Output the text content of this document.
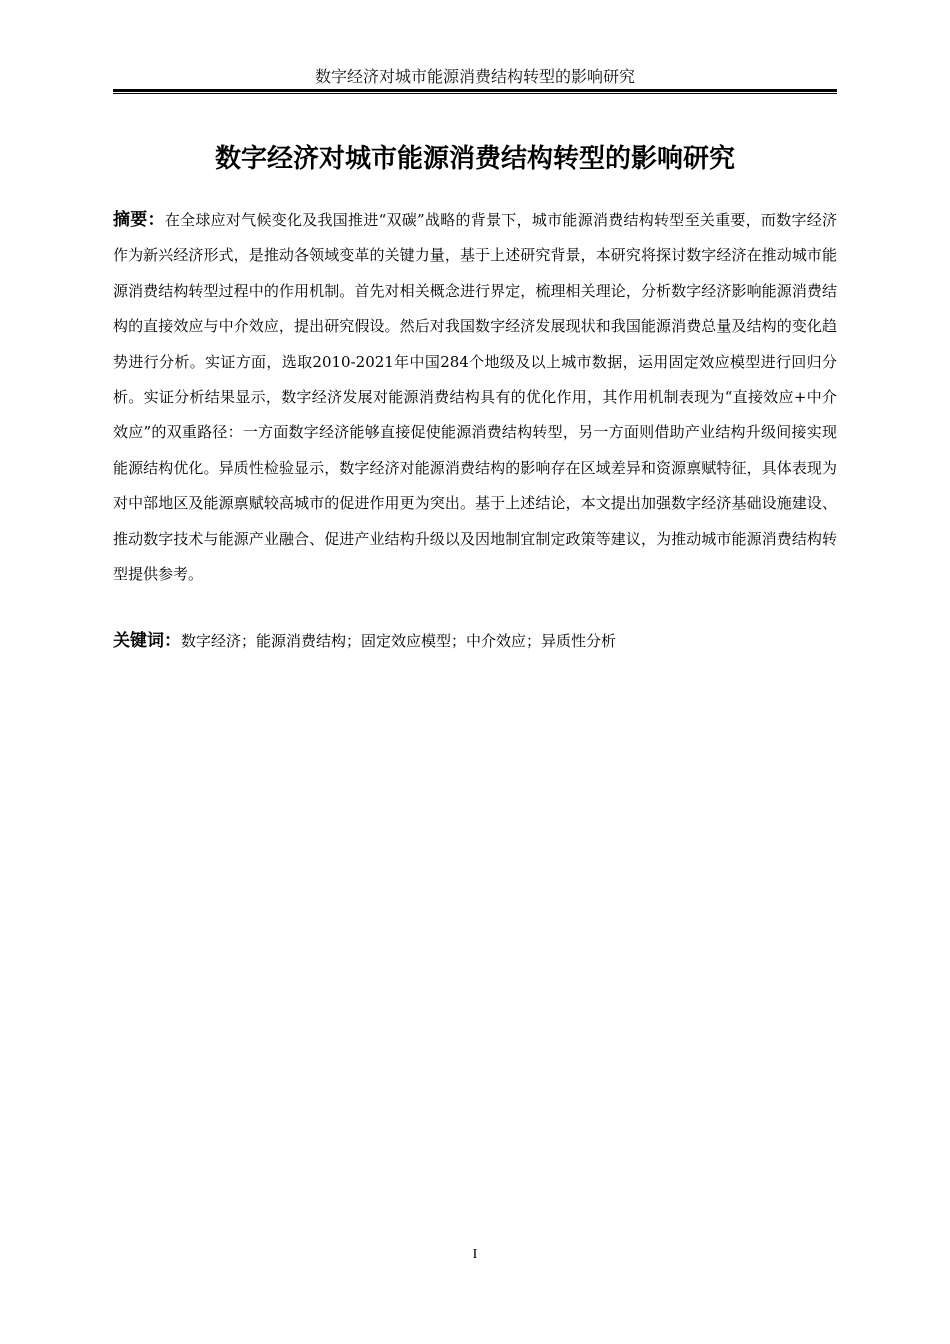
数字经济对城市能源消费结构转型的影响研究
数字经济对城市能源消费结构转型的影响研究

摘要：在全球应对气候变化及我国推进“双碳”战略的背景下，城市能源消费结构转型至关重要，而数字经济作为新兴经济形式，是推动各领域变革的关键力量，基于上述研究背景，本研究将探讨数字经济在推动城市能源消费结构转型过程中的作用机制。首先对相关概念进行界定，梳理相关理论，分析数字经济影响能源消费结构的直接效应与中介效应，提出研究假设。然后对我国数字经济发展现状和我国能源消费总量及结构的变化趋势进行分析。实证方面，选取2010-2021年中国284个地级及以上城市数据，运用固定效应模型进行回归分析。实证分析结果显示，数字经济发展对能源消费结构具有的优化作用，其作用机制表现为“直接效应+中介效应”的双重路径：一方面数字经济能够直接促使能源消费结构转型，另一方面则借助产业结构升级间接实现能源结构优化。异质性检验显示，数字经济对能源消费结构的影响存在区域差异和资源禀赋特征，具体表现为对中部地区及能源禀赋较高城市的促进作用更为突出。基于上述结论，本文提出加强数字经济基础设施建设、推动数字技术与能源产业融合、促进产业结构升级以及因地制宜制定政策等建议，为推动城市能源消费结构转型提供参考。

关键词：数字经济；能源消费结构；固定效应模型；中介效应；异质性分析

I
